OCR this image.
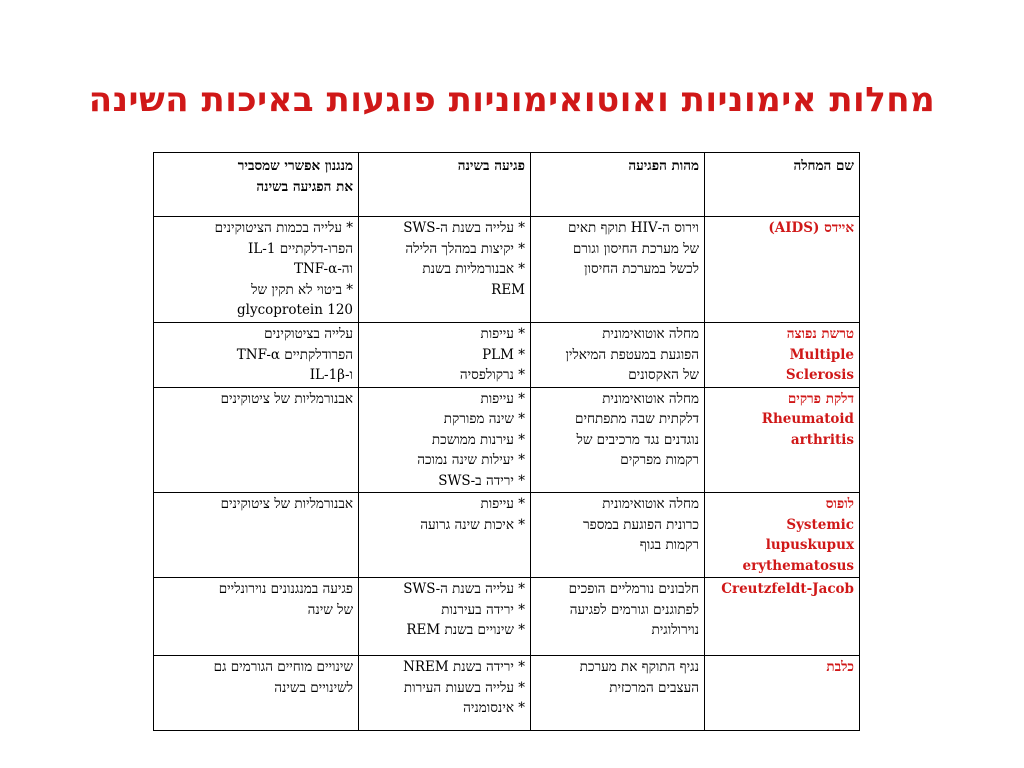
מחלות אימוניות ואוטואימוניות פוגעות באיכות השינה
שם המחלה	מהות הפגיעה	פגיעה בשינה	מנגנון אפשרי שמסביר
את הפגיעה בשינה

איידס (AIDS)	וירוס ה-HIV תוקף תאים
של מערכת החיסון וגורם
לכשל במערכת החיסון	* עלייה בשנת ה-SWS
* יקיצות במהלך הלילה
* אבנורמליות בשנת
REM	* עלייה בכמות הציטוקינים
הפרו-דלקתיים IL-1
וה-TNF-α
* ביטוי לא תקין של
glycoprotein 120

טרשת נפוצה
Multiple
Sclerosis	מחלה אוטואימונית
הפוגעת במעטפת המיאלין
של האקסונים	* עייפות
* PLM
* נרקולפסיה	עלייה בציטוקינים
הפרודלקתיים TNF-α
ו-IL-1β

דלקת פרקים
Rheumatoid
arthritis	מחלה אוטואימונית
דלקתית שבה מתפתחים
נוגדנים נגד מרכיבים של
רקמות מפרקים	* עייפות
* שינה מפורקת
* עירנות ממושכת
* יעילות שינה נמוכה
* ירידה ב-SWS	אבנורמליות של ציטוקינים

לופוס
Systemic
lupuskupux
erythematosus	מחלה אוטואימונית
כרונית הפוגעת במספר
רקמות בגוף	* עייפות
* איכות שינה גרועה	אבנורמליות של ציטוקינים

Creutzfeldt-Jacob	חלבונים נורמליים הופכים
לפתוגנים וגורמים לפגיעה
נוירולוגית	* עלייה בשנת ה-SWS
* ירידה בעירנות
* שינויים בשנת REM	פגיעה במנגנונים נוירונליים
של שינה

כלבת	נגיף התוקף את מערכת
העצבים המרכזית	* ירידה בשנת NREM
* עלייה בשעות העירות
* אינסומניה	שינויים מוחיים הגורמים גם
לשינויים בשינה
